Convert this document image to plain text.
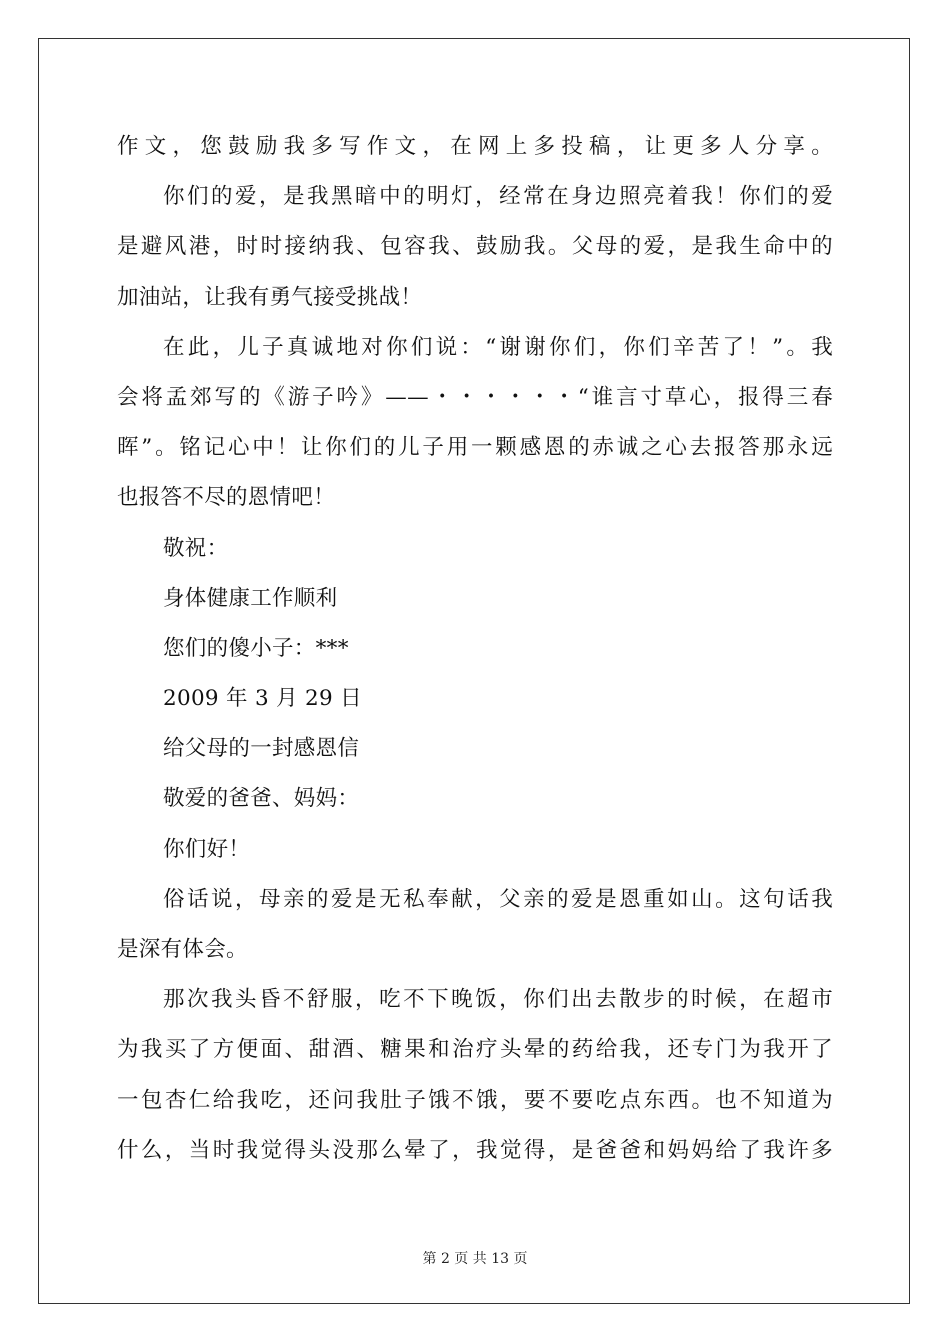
作文，您鼓励我多写作文，在网上多投稿，让更多人分享。
你们的爱，是我黑暗中的明灯，经常在身边照亮着我！你们的爱
是避风港，时时接纳我、包容我、鼓励我。父母的爱，是我生命中的
加油站，让我有勇气接受挑战！
在此，儿子真诚地对你们说：“谢谢你们，你们辛苦了！”。我
会将孟郊写的《游子吟》——・・・・・・“谁言寸草心，报得三春
晖”。铭记心中！让你们的儿子用一颗感恩的赤诚之心去报答那永远
也报答不尽的恩情吧！
敬祝：
身体健康工作顺利
您们的傻小子：***
2009 年 3 月 29 日
给父母的一封感恩信
敬爱的爸爸、妈妈：
你们好！
俗话说，母亲的爱是无私奉献，父亲的爱是恩重如山。这句话我
是深有体会。
那次我头昏不舒服，吃不下晚饭，你们出去散步的时候，在超市
为我买了方便面、甜酒、糖果和治疗头晕的药给我，还专门为我开了
一包杏仁给我吃，还问我肚子饿不饿，要不要吃点东西。也不知道为
什么，当时我觉得头没那么晕了，我觉得，是爸爸和妈妈给了我许多
第 2 页 共 13 页
